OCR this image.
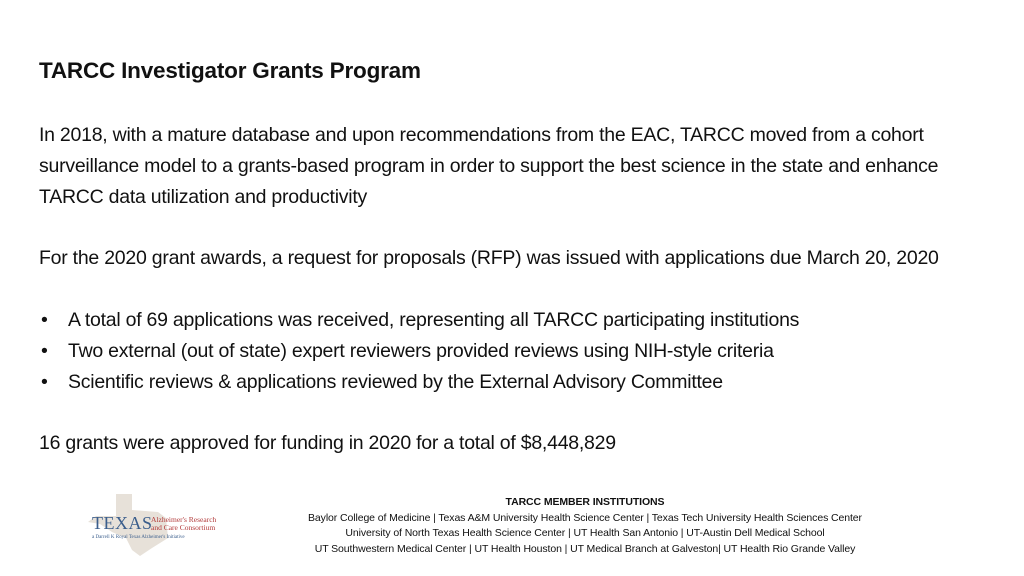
TARCC Investigator Grants Program
In 2018, with a mature database and upon recommendations from the EAC, TARCC moved from a cohort surveillance model to a grants-based program in order to support the best science in the state and enhance TARCC data utilization and productivity
For the 2020 grant awards, a request for proposals (RFP) was issued with applications due March 20, 2020
• A total of 69 applications was received, representing all TARCC participating institutions
• Two external (out of state) expert reviewers provided reviews using NIH-style criteria
• Scientific reviews & applications reviewed by the External Advisory Committee
16 grants were approved for funding in 2020 for a total of $8,448,829
TEXAS
Alzheimer's Research
and Care Consortium
a Darrell K Royal Texas Alzheimer's Initiative
TARCC MEMBER INSTITUTIONS
Baylor College of Medicine | Texas A&M University Health Science Center | Texas Tech University Health Sciences Center
University of North Texas Health Science Center | UT Health San Antonio | UT-Austin Dell Medical School
UT Southwestern Medical Center | UT Health Houston | UT Medical Branch at Galveston| UT Health Rio Grande Valley
